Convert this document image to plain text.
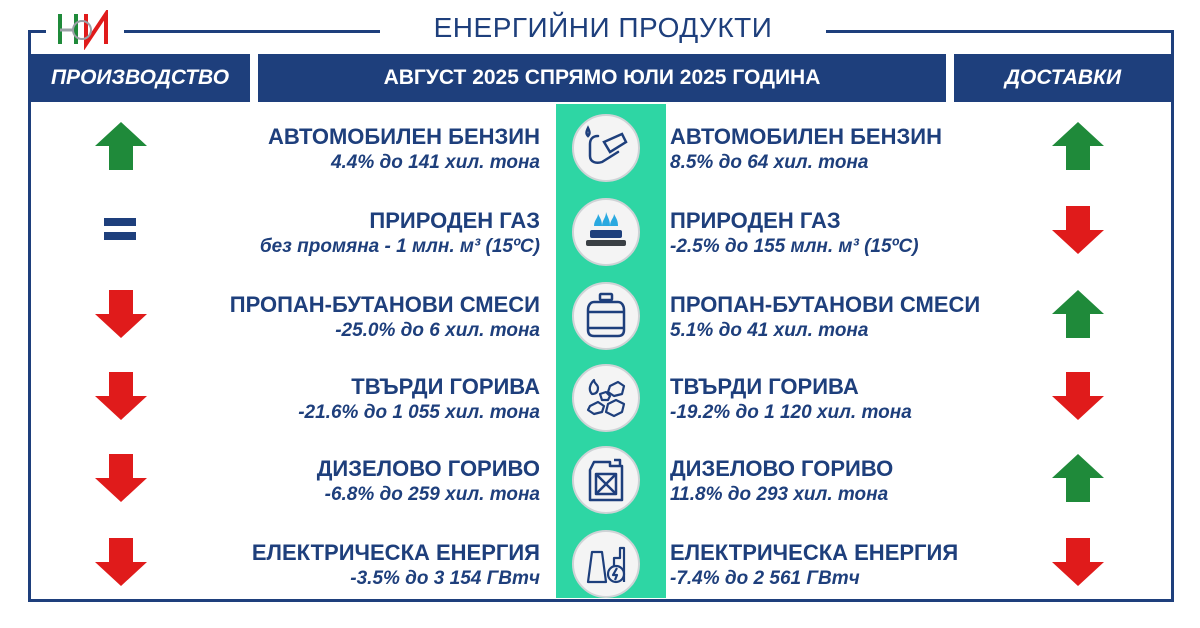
ЕНЕРГИЙНИ ПРОДУКТИ
ПРОИЗВОДСТВО	АВГУСТ 2025 СПРЯМО ЮЛИ 2025 ГОДИНА	ДОСТАВКИ
АВТОМОБИЛЕН БЕНЗИН
4.4% до 141 хил. тона
АВТОМОБИЛЕН БЕНЗИН
8.5% до 64 хил. тона
ПРИРОДЕН ГАЗ
без промяна - 1 млн. м³ (15ºC)
ПРИРОДЕН ГАЗ
-2.5% до 155 млн. м³ (15ºC)
ПРОПАН-БУТАНОВИ СМЕСИ
-25.0% до 6 хил. тона
ПРОПАН-БУТАНОВИ СМЕСИ
5.1% до 41 хил. тона
ТВЪРДИ ГОРИВА
-21.6% до 1 055 хил. тона
ТВЪРДИ ГОРИВА
-19.2% до 1 120 хил. тона
ДИЗЕЛОВО ГОРИВО
-6.8% до 259 хил. тона
ДИЗЕЛОВО ГОРИВО
11.8% до 293 хил. тона
ЕЛЕКТРИЧЕСКА ЕНЕРГИЯ
-3.5% до 3 154 ГВтч
ЕЛЕКТРИЧЕСКА ЕНЕРГИЯ
-7.4% до 2 561 ГВтч
